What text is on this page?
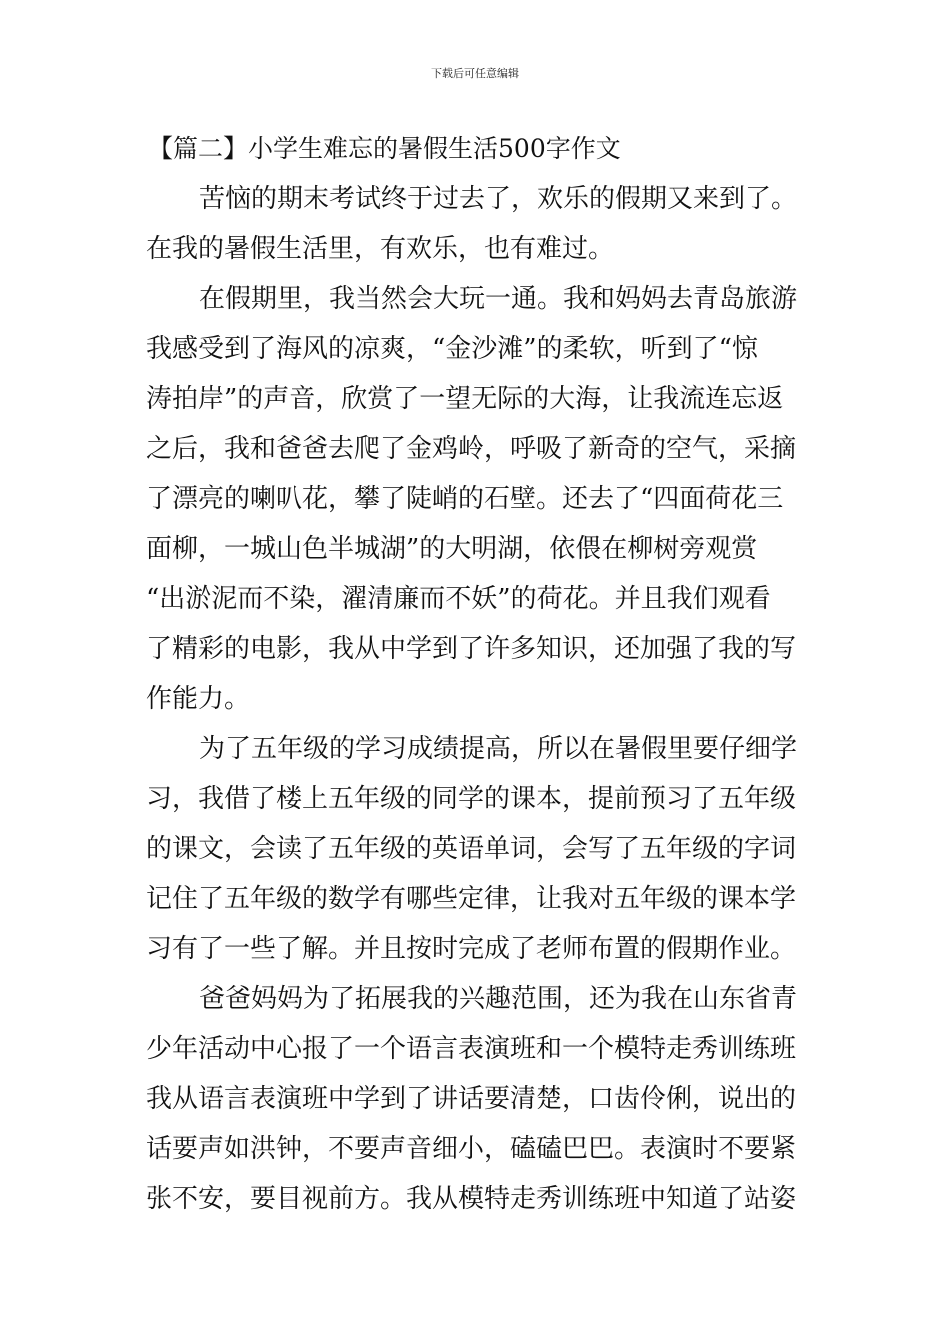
下载后可任意编辑
【篇二】小学生难忘的暑假生活500字作文
苦恼的期末考试终于过去了，欢乐的假期又来到了。
在我的暑假生活里，有欢乐，也有难过。
在假期里，我当然会大玩一通。我和妈妈去青岛旅游
我感受到了海风的凉爽，“金沙滩”的柔软，听到了“惊
涛拍岸”的声音，欣赏了一望无际的大海，让我流连忘返
之后，我和爸爸去爬了金鸡岭，呼吸了新奇的空气，采摘
了漂亮的喇叭花，攀了陡峭的石壁。还去了“四面荷花三
面柳，一城山色半城湖”的大明湖，依偎在柳树旁观赏
“出淤泥而不染，濯清廉而不妖”的荷花。并且我们观看
了精彩的电影，我从中学到了许多知识，还加强了我的写
作能力。
为了五年级的学习成绩提高，所以在暑假里要仔细学
习，我借了楼上五年级的同学的课本，提前预习了五年级
的课文，会读了五年级的英语单词，会写了五年级的字词
记住了五年级的数学有哪些定律，让我对五年级的课本学
习有了一些了解。并且按时完成了老师布置的假期作业。
爸爸妈妈为了拓展我的兴趣范围，还为我在山东省青
少年活动中心报了一个语言表演班和一个模特走秀训练班
我从语言表演班中学到了讲话要清楚，口齿伶俐，说出的
话要声如洪钟，不要声音细小，磕磕巴巴。表演时不要紧
张不安，要目视前方。我从模特走秀训练班中知道了站姿
